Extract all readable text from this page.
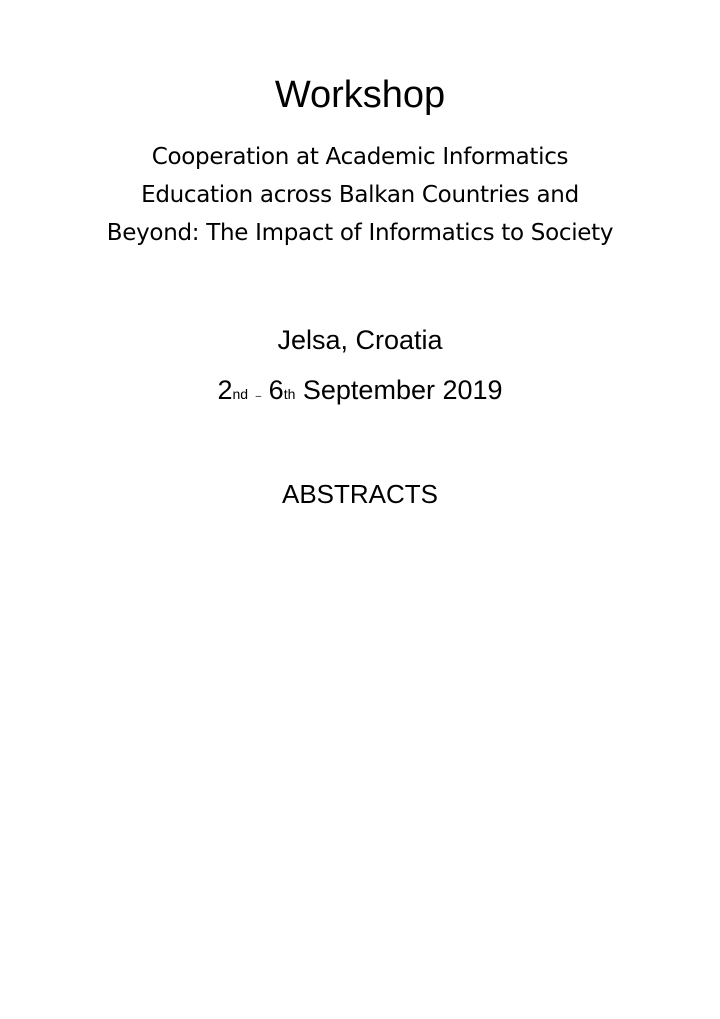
Workshop
Cooperation at Academic Informatics
Education across Balkan Countries and
Beyond: The Impact of Informatics to Society
Jelsa, Croatia
2nd – 6th September 2019
ABSTRACTS
